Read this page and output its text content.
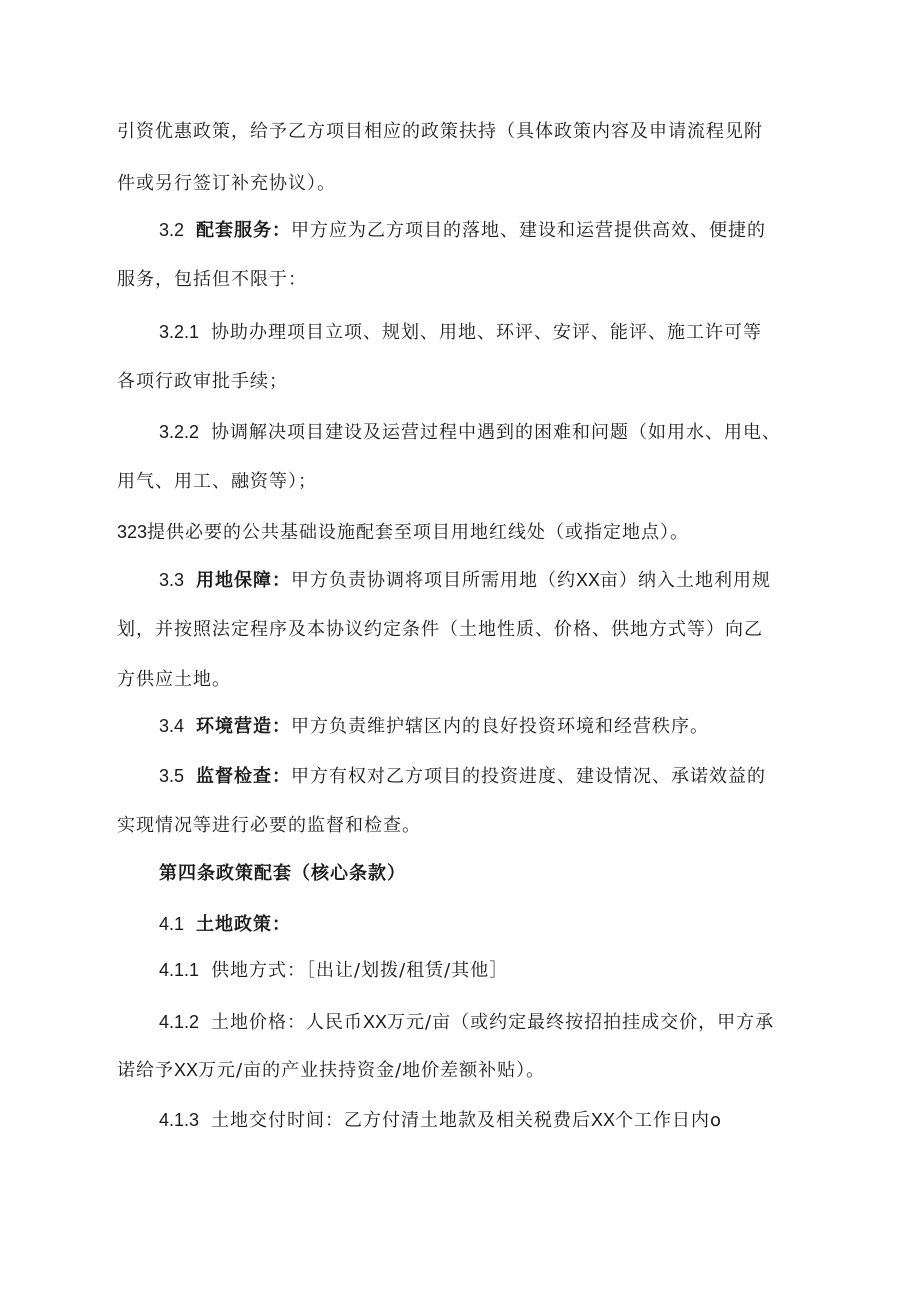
引资优惠政策，给予乙方项目相应的政策扶持（具体政策内容及申请流程见附
件或另行签订补充协议）。
3.2 配套服务：甲方应为乙方项目的落地、建设和运营提供高效、便捷的
服务，包括但不限于：
3.2.1 协助办理项目立项、规划、用地、环评、安评、能评、施工许可等
各项行政审批手续；
3.2.2 协调解决项目建设及运营过程中遇到的困难和问题（如用水、用电、
用气、用工、融资等）；
323提供必要的公共基础设施配套至项目用地红线处（或指定地点）。
3.3 用地保障：甲方负责协调将项目所需用地（约XX亩）纳入土地利用规
划，并按照法定程序及本协议约定条件（土地性质、价格、供地方式等）向乙
方供应土地。
3.4 环境营造：甲方负责维护辖区内的良好投资环境和经营秩序。
3.5 监督检查：甲方有权对乙方项目的投资进度、建设情况、承诺效益的
实现情况等进行必要的监督和检查。
第四条政策配套（核心条款）
4.1 土地政策：
4.1.1 供地方式：［出让/划拨/租赁/其他］
4.1.2 土地价格：人民币XX万元/亩（或约定最终按招拍挂成交价，甲方承
诺给予XX万元/亩的产业扶持资金/地价差额补贴）。
4.1.3 土地交付时间：乙方付清土地款及相关税费后XX个工作日内o
